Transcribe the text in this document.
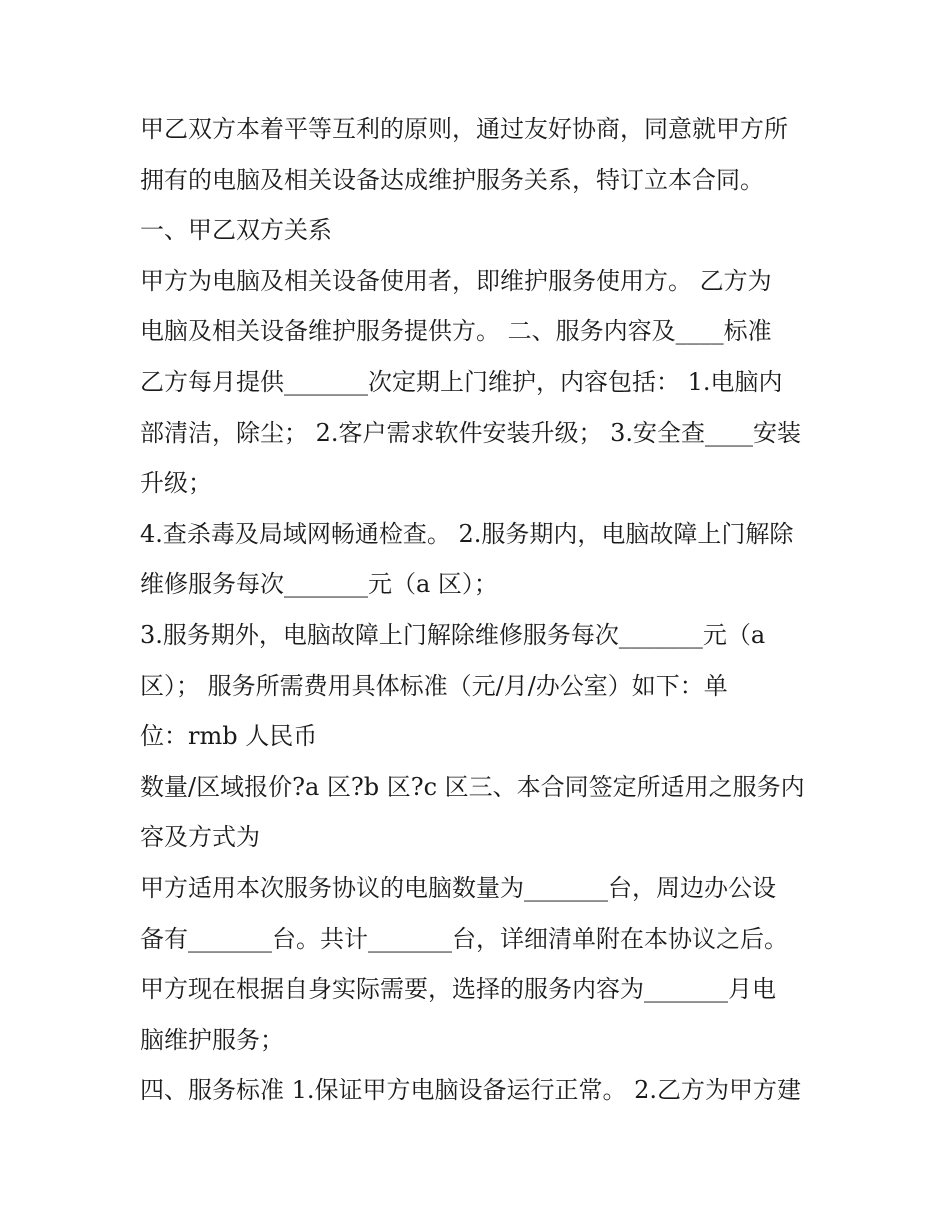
甲乙双方本着平等互利的原则，通过友好协商，同意就甲方所
拥有的电脑及相关设备达成维护服务关系，特订立本合同。
一、甲乙双方关系
甲方为电脑及相关设备使用者，即维护服务使用方。 乙方为
电脑及相关设备维护服务提供方。 二、服务内容及____标准
乙方每月提供_______次定期上门维护，内容包括： 1.电脑内
部清洁，除尘； 2.客户需求软件安装升级； 3.安全查____安装
升级；
4.查杀毒及局域网畅通检查。 2.服务期内，电脑故障上门解除
维修服务每次_______元（a 区）；
3.服务期外，电脑故障上门解除维修服务每次_______元（a
区）； 服务所需费用具体标准（元/月/办公室）如下：单
位：rmb 人民币
数量/区域报价?a 区?b 区?c 区三、本合同签定所适用之服务内
容及方式为
甲方适用本次服务协议的电脑数量为_______台，周边办公设
备有_______台。共计_______台，详细清单附在本协议之后。
甲方现在根据自身实际需要，选择的服务内容为_______月电
脑维护服务；
四、服务标准 1.保证甲方电脑设备运行正常。 2.乙方为甲方建
